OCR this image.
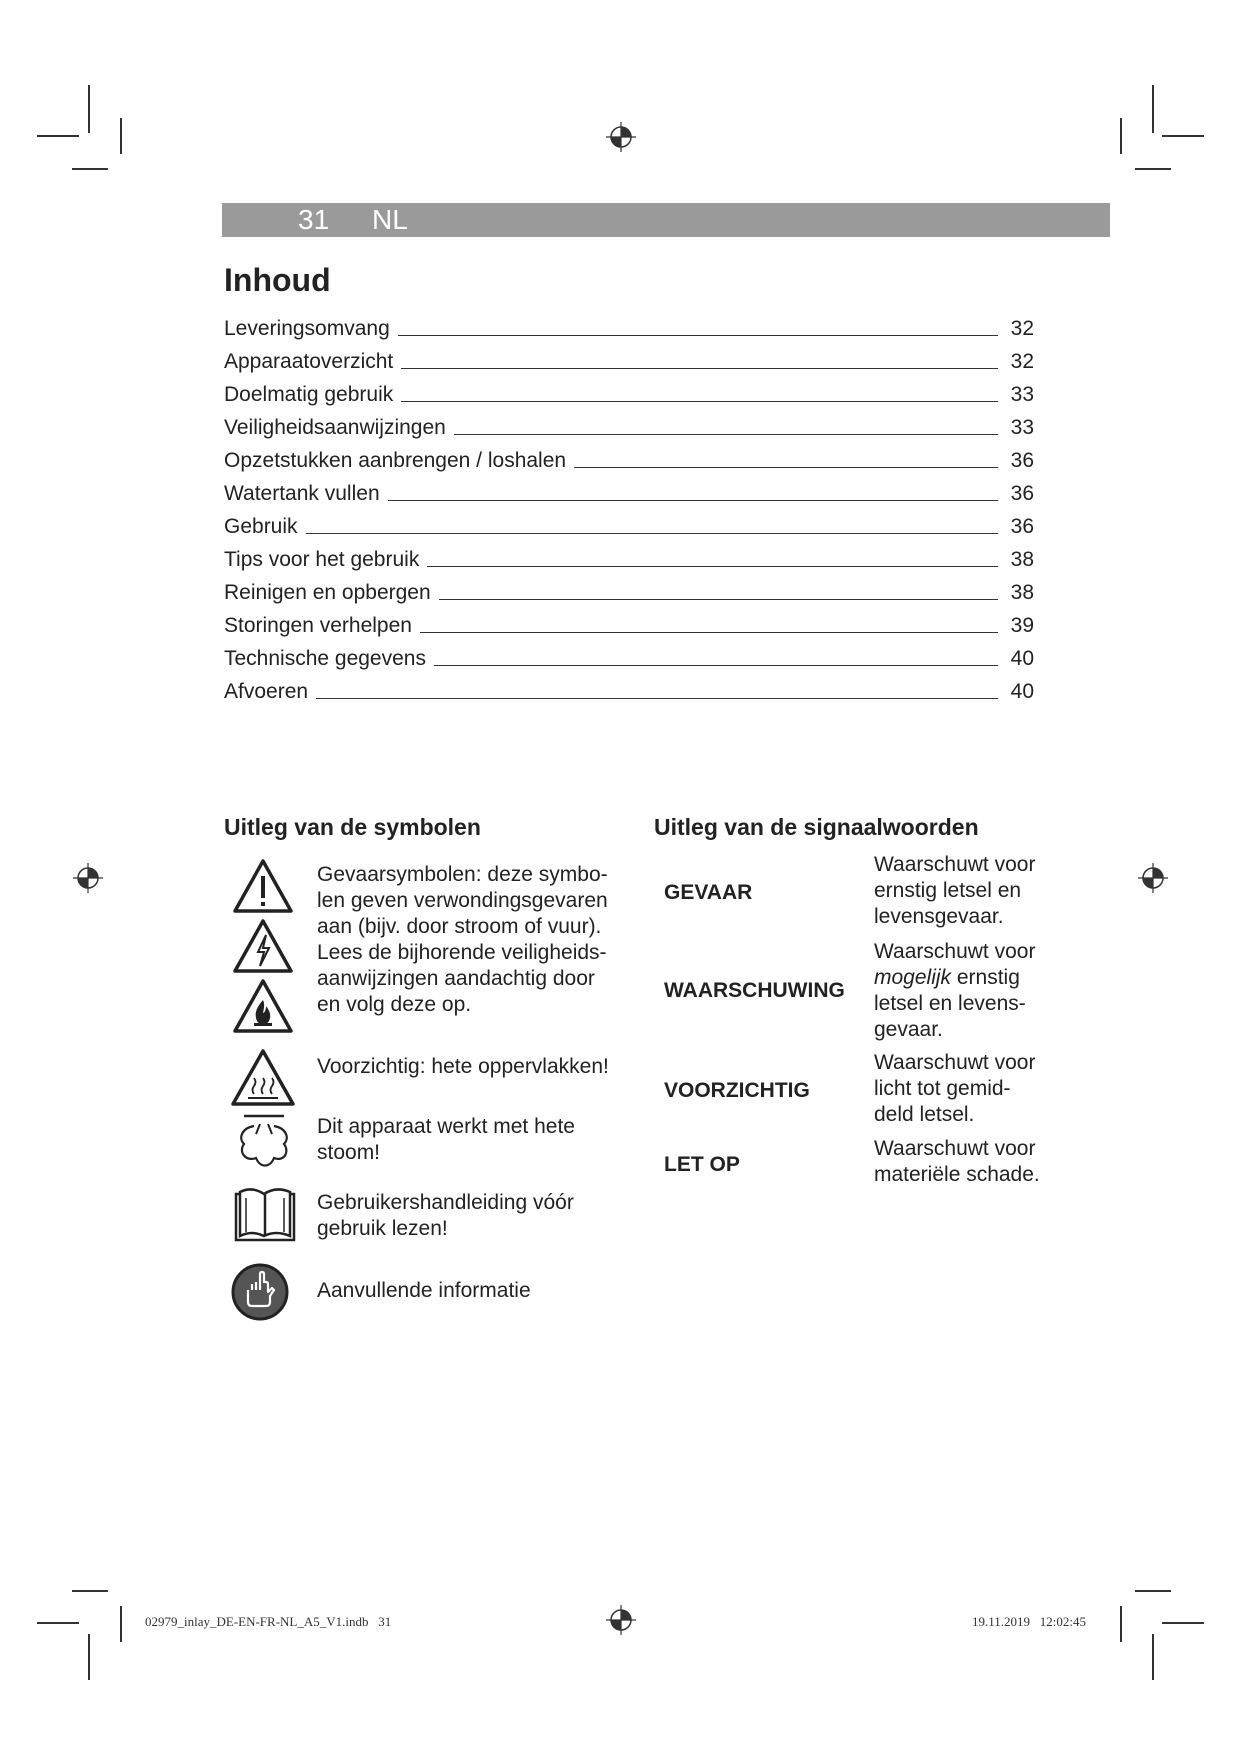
31 NL
Inhoud
Leveringsomvang	32
Apparaatoverzicht	32
Doelmatig gebruik	33
Veiligheidsaanwijzingen	33
Opzetstukken aanbrengen / loshalen	36
Watertank vullen	36
Gebruik	36
Tips voor het gebruik	38
Reinigen en opbergen	38
Storingen verhelpen	39
Technische gegevens	40
Afvoeren	40
Uitleg van de symbolen
Gevaarsymbolen: deze symbo-
len geven verwondingsgevaren
aan (bijv. door stroom of vuur).
Lees de bijhorende veiligheids-
aanwijzingen aandachtig door
en volg deze op.
Voorzichtig: hete oppervlakken!
Dit apparaat werkt met hete
stoom!
Gebruikershandleiding vóór
gebruik lezen!
Aanvullende informatie
Uitleg van de signaalwoorden
GEVAAR
Waarschuwt voor
ernstig letsel en
levensgevaar.
WAARSCHUWING
Waarschuwt voor
mogelijk ernstig
letsel en levens-
gevaar.
VOORZICHTIG
Waarschuwt voor
licht tot gemid-
deld letsel.
LET OP
Waarschuwt voor
materiële schade.
02979_inlay_DE-EN-FR-NL_A5_V1.indb   31	19.11.2019   12:02:45
